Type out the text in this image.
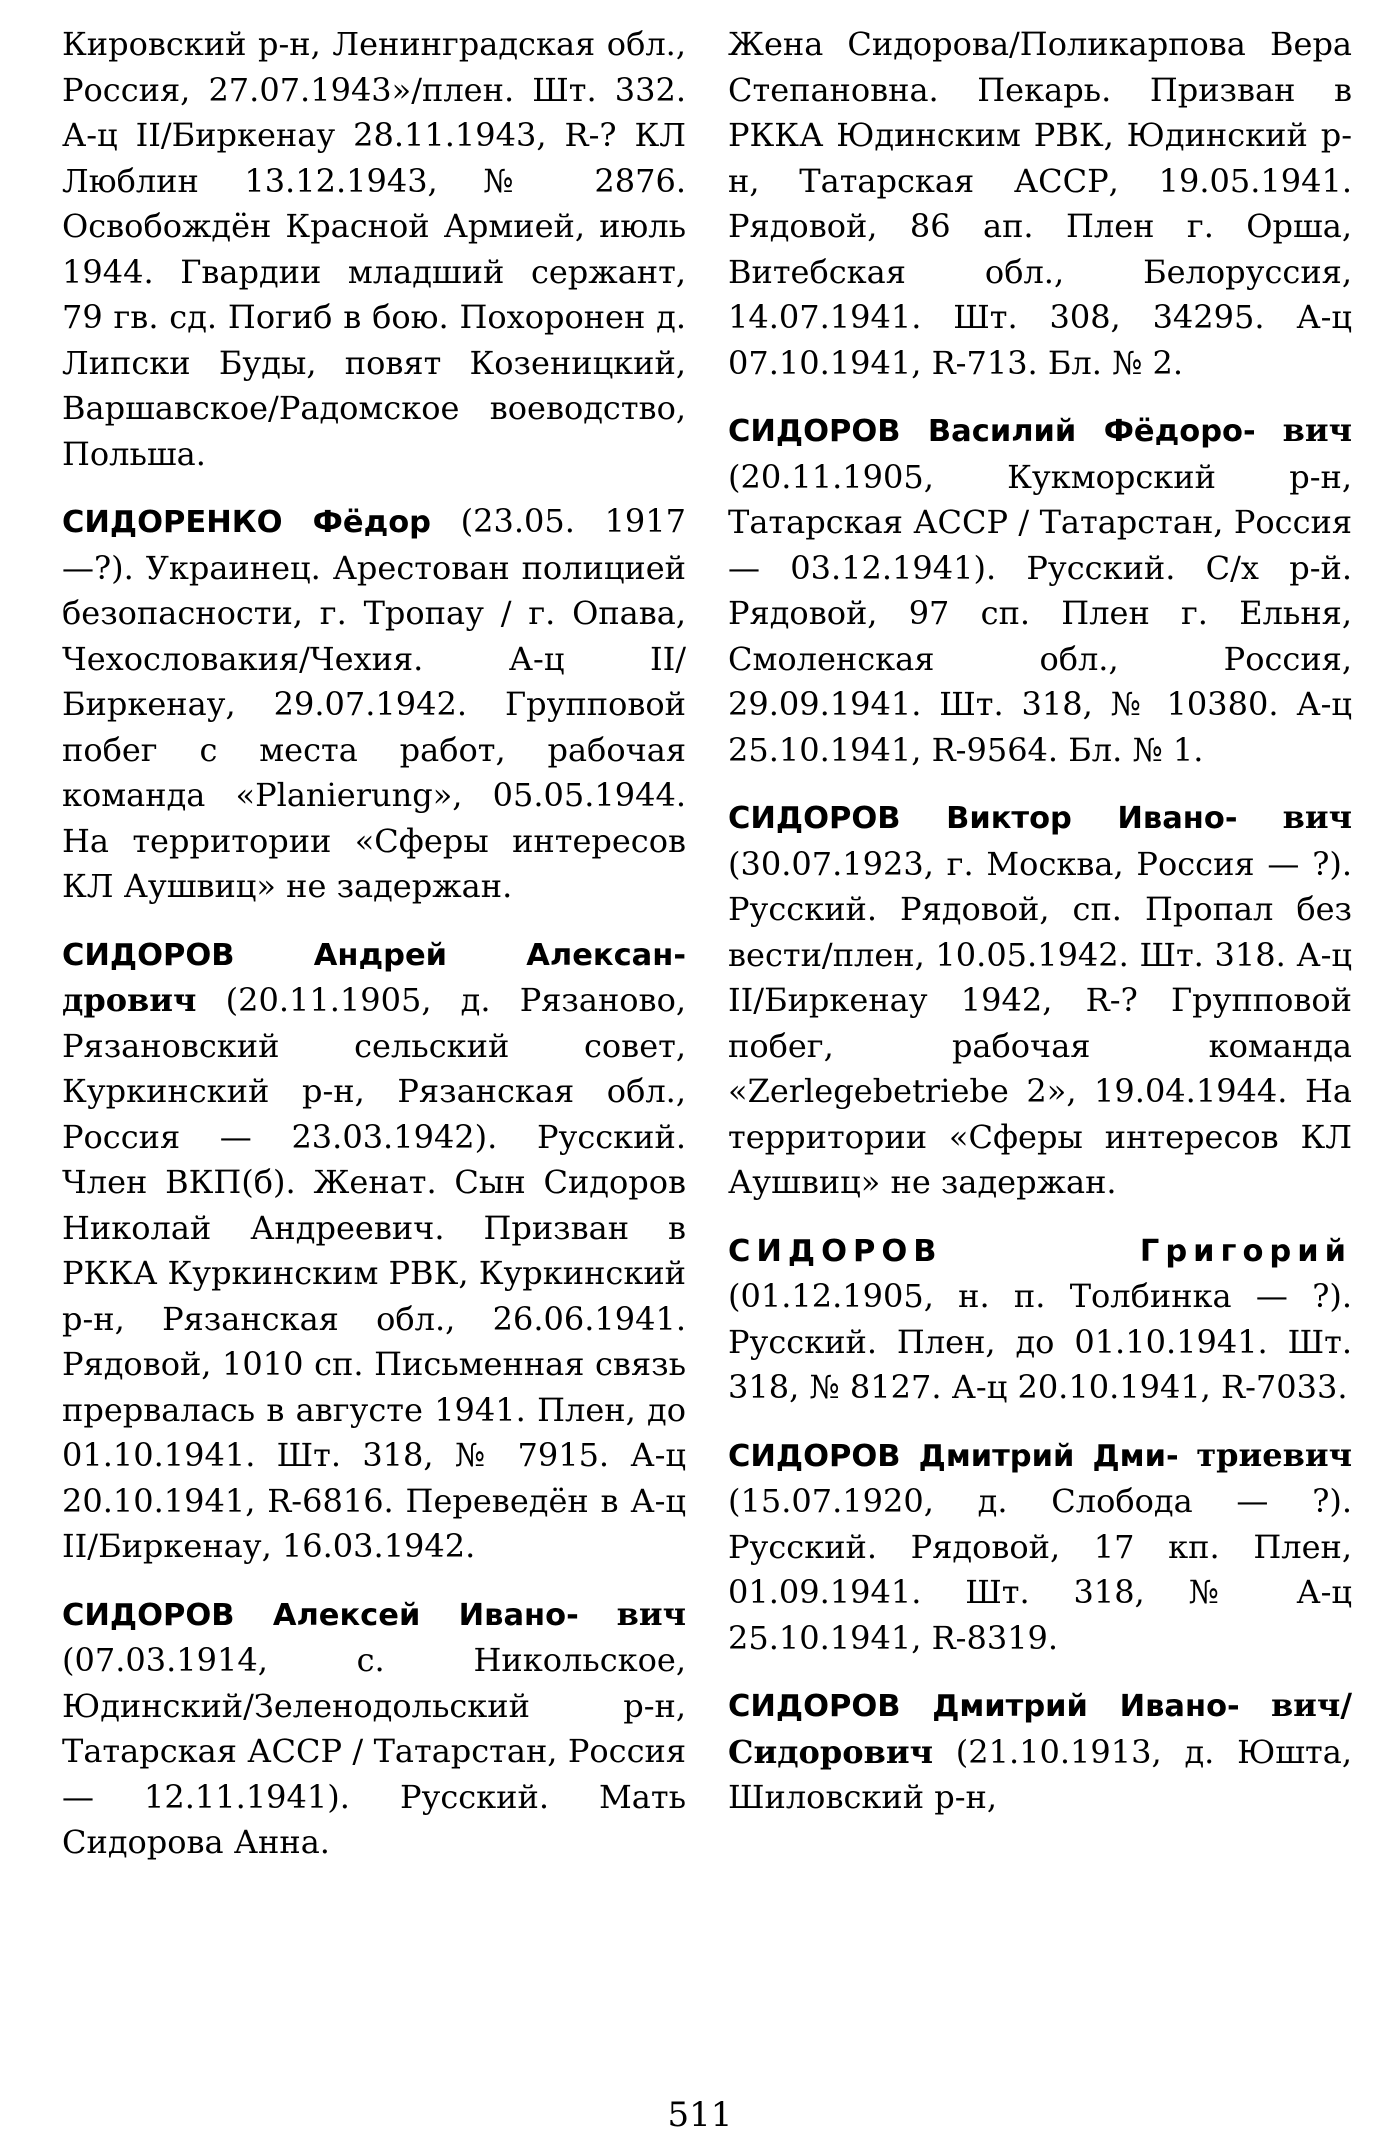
Кировский р-н, Ленинградская обл., Россия, 27.07.1943»/плен. Шт. 332. А-ц II/Биркенау 28.11.1943, R-? КЛ Люблин 13.12.1943, № 2876. Освобождён Красной Армией, июль 1944. Гвардии младший сержант, 79 гв. сд. Погиб в бою. Похоронен д. Липски Буды, повят Козеницкий, Варшавское/Радомское воеводство, Польша.

СИДОРЕНКО Фёдор (23.05. 1917—?). Украинец. Арестован полицией безопасности, г. Тропау / г. Опава, Чехословакия/Чехия. А-ц II/Биркенау, 29.07.1942. Групповой побег с места работ, рабочая команда «Planierung», 05.05.1944. На территории «Сферы интересов КЛ Аушвиц» не задержан.

СИДОРОВ Андрей Алексан- дрович (20.11.1905, д. Рязаново, Рязановский сельский совет, Куркинский р-н, Рязанская обл., Россия — 23.03.1942). Русский. Член ВКП(б). Женат. Сын Сидоров Николай Андреевич. Призван в РККА Куркинским РВК, Куркинский р-н, Рязанская обл., 26.06.1941. Рядовой, 1010 сп. Письменная связь прервалась в августе 1941. Плен, до 01.10.1941. Шт. 318, № 7915. А-ц 20.10.1941, R-6816. Переведён в А-ц II/Биркенау, 16.03.1942.

СИДОРОВ Алексей Ивано- вич (07.03.1914, с. Никольское, Юдинский/Зеленодольский р-н, Татарская АССР / Татарстан, Россия — 12.11.1941). Русский. Мать Сидорова Анна.

Жена Сидорова/Поликарпова Вера Степановна. Пекарь. Призван в РККА Юдинским РВК, Юдинский р-н, Татарская АССР, 19.05.1941. Рядовой, 86 ап. Плен г. Орша, Витебская обл., Белоруссия, 14.07.1941. Шт. 308, 34295. А-ц 07.10.1941, R-713. Бл. № 2.

СИДОРОВ Василий Фёдоро- вич (20.11.1905, Кукморский р-н, Татарская АССР / Татарстан, Россия — 03.12.1941). Русский. С/х р-й. Рядовой, 97 сп. Плен г. Ельня, Смоленская обл., Россия, 29.09.1941. Шт. 318, № 10380. А-ц 25.10.1941, R-9564. Бл. № 1.

СИДОРОВ Виктор Ивано- вич (30.07.1923, г. Москва, Россия — ?). Русский. Рядовой, сп. Пропал без вести/плен, 10.05.1942. Шт. 318. А-ц II/Биркенау 1942, R-? Групповой побег, рабочая команда «Zerlegebetriebe 2», 19.04.1944. На территории «Сферы интересов КЛ Аушвиц» не задержан.

СИДОРОВ Григорий (01.12.1905, н. п. Толбинка — ?). Русский. Плен, до 01.10.1941. Шт. 318, № 8127. А-ц 20.10.1941, R-7033.

СИДОРОВ Дмитрий Дми- триевич (15.07.1920, д. Слобода — ?). Русский. Рядовой, 17 кп. Плен, 01.09.1941. Шт. 318, № А-ц 25.10.1941, R-8319.

СИДОРОВ Дмитрий Ивано- вич/Сидорович (21.10.1913, д. Юшта, Шиловский р-н,

511
